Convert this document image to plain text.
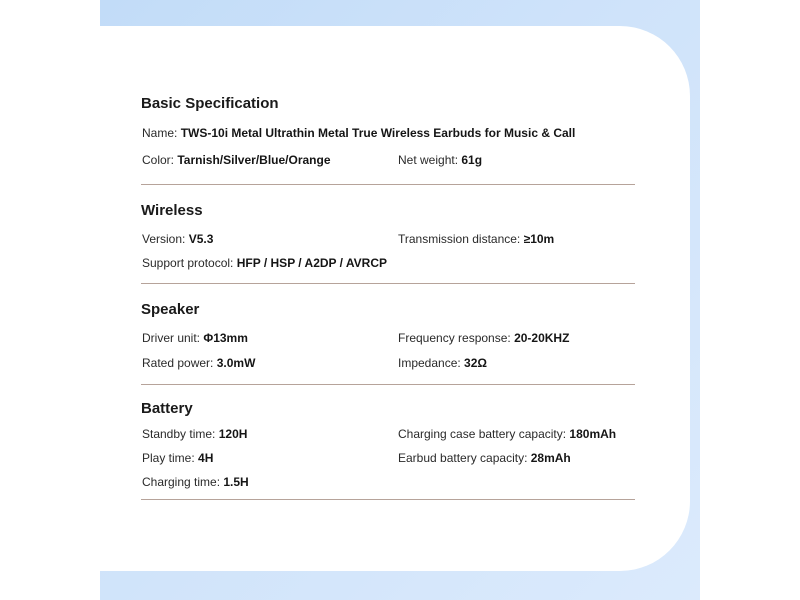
Basic Specification
Name: TWS-10i Metal Ultrathin Metal True Wireless Earbuds for Music & Call
Color: Tarnish/Silver/Blue/Orange	Net weight: 61g
Wireless
Version: V5.3	Transmission distance: ≥10m
Support protocol: HFP / HSP / A2DP / AVRCP
Speaker
Driver unit: Φ13mm	Frequency response: 20-20KHZ
Rated power: 3.0mW	Impedance: 32Ω
Battery
Standby time: 120H	Charging case battery capacity: 180mAh
Play time: 4H	Earbud battery capacity: 28mAh
Charging time: 1.5H
